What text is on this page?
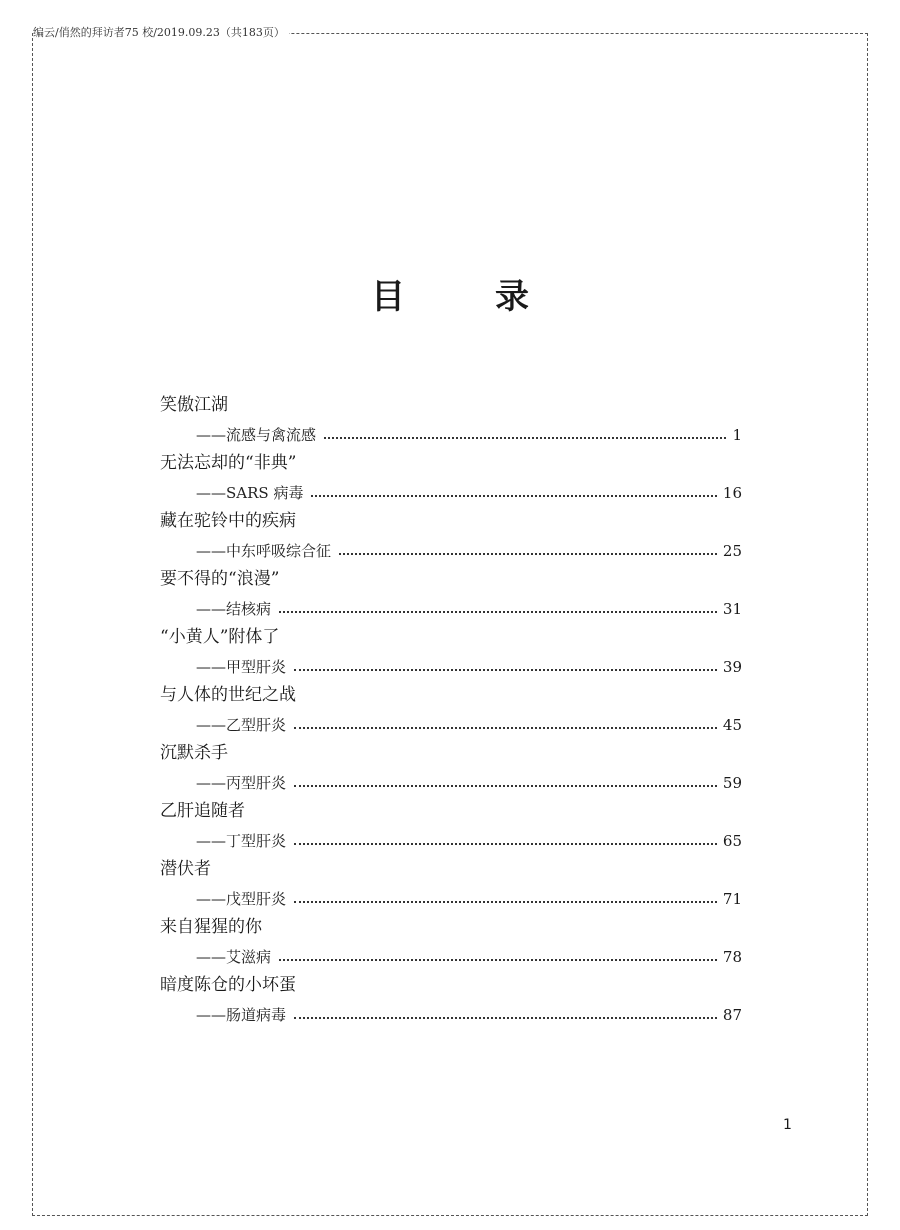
编云/俏然的拜访者75 校/2019.09.23（共183页）
目录
笑傲江湖
——流感与禽流感	1
无法忘却的“非典”
——SARS 病毒	16
藏在驼铃中的疾病
——中东呼吸综合征	25
要不得的“浪漫”
——结核病	31
“小黄人”附体了
——甲型肝炎	39
与人体的世纪之战
——乙型肝炎	45
沉默杀手
——丙型肝炎	59
乙肝追随者
——丁型肝炎	65
潜伏者
——戊型肝炎	71
来自猩猩的你
——艾滋病	78
暗度陈仓的小坏蛋
——肠道病毒	87
1
